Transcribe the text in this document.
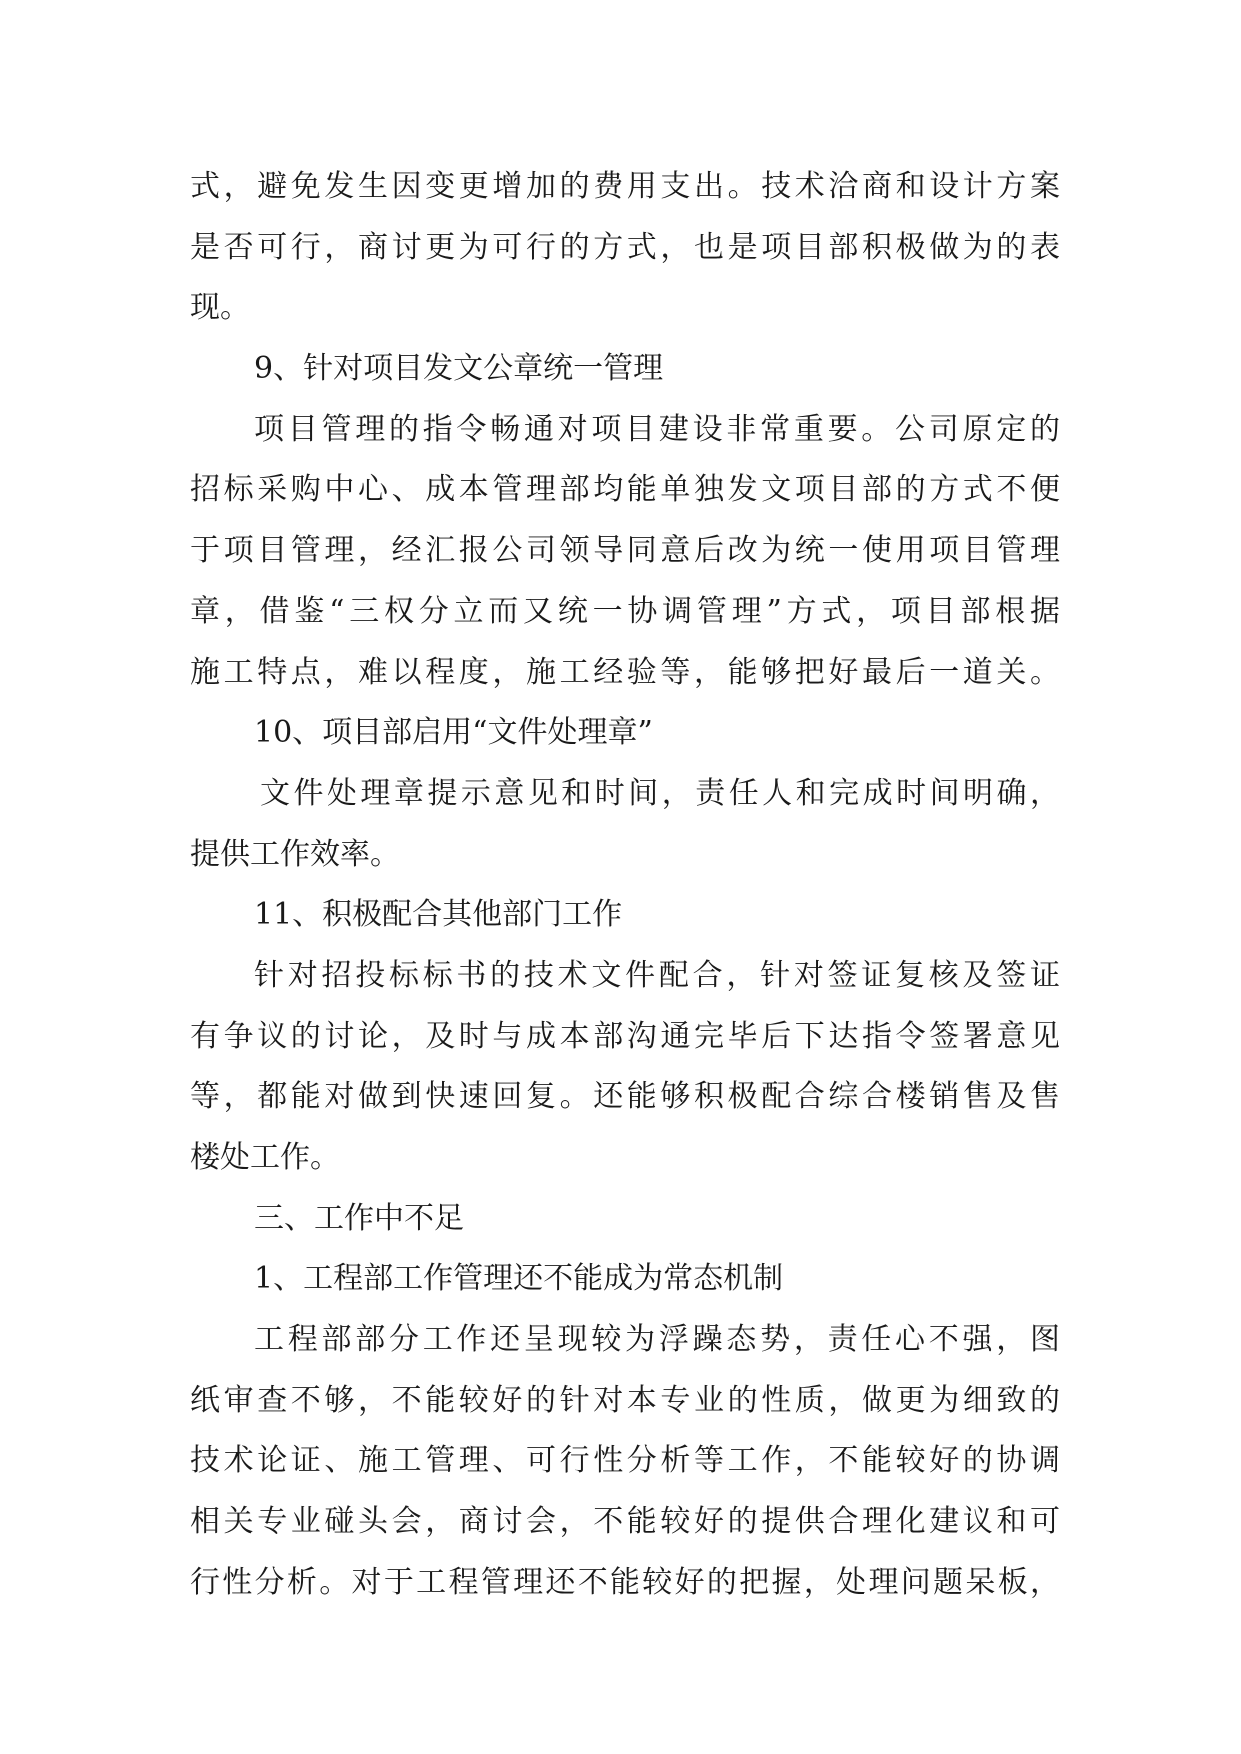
式，避免发生因变更增加的费用支出。技术洽商和设计方案
是否可行，商讨更为可行的方式，也是项目部积极做为的表
现。
9、针对项目发文公章统一管理
项目管理的指令畅通对项目建设非常重要。公司原定的
招标采购中心、成本管理部均能单独发文项目部的方式不便
于项目管理，经汇报公司领导同意后改为统一使用项目管理
章，借鉴“三权分立而又统一协调管理”方式，项目部根据
施工特点，难以程度，施工经验等，能够把好最后一道关。
10、项目部启用“文件处理章”
文件处理章提示意见和时间，责任人和完成时间明确，
提供工作效率。
11、积极配合其他部门工作
针对招投标标书的技术文件配合，针对签证复核及签证
有争议的讨论，及时与成本部沟通完毕后下达指令签署意见
等，都能对做到快速回复。还能够积极配合综合楼销售及售
楼处工作。
三、工作中不足
1、工程部工作管理还不能成为常态机制
工程部部分工作还呈现较为浮躁态势，责任心不强，图
纸审查不够，不能较好的针对本专业的性质，做更为细致的
技术论证、施工管理、可行性分析等工作，不能较好的协调
相关专业碰头会，商讨会，不能较好的提供合理化建议和可
行性分析。对于工程管理还不能较好的把握，处理问题呆板，
